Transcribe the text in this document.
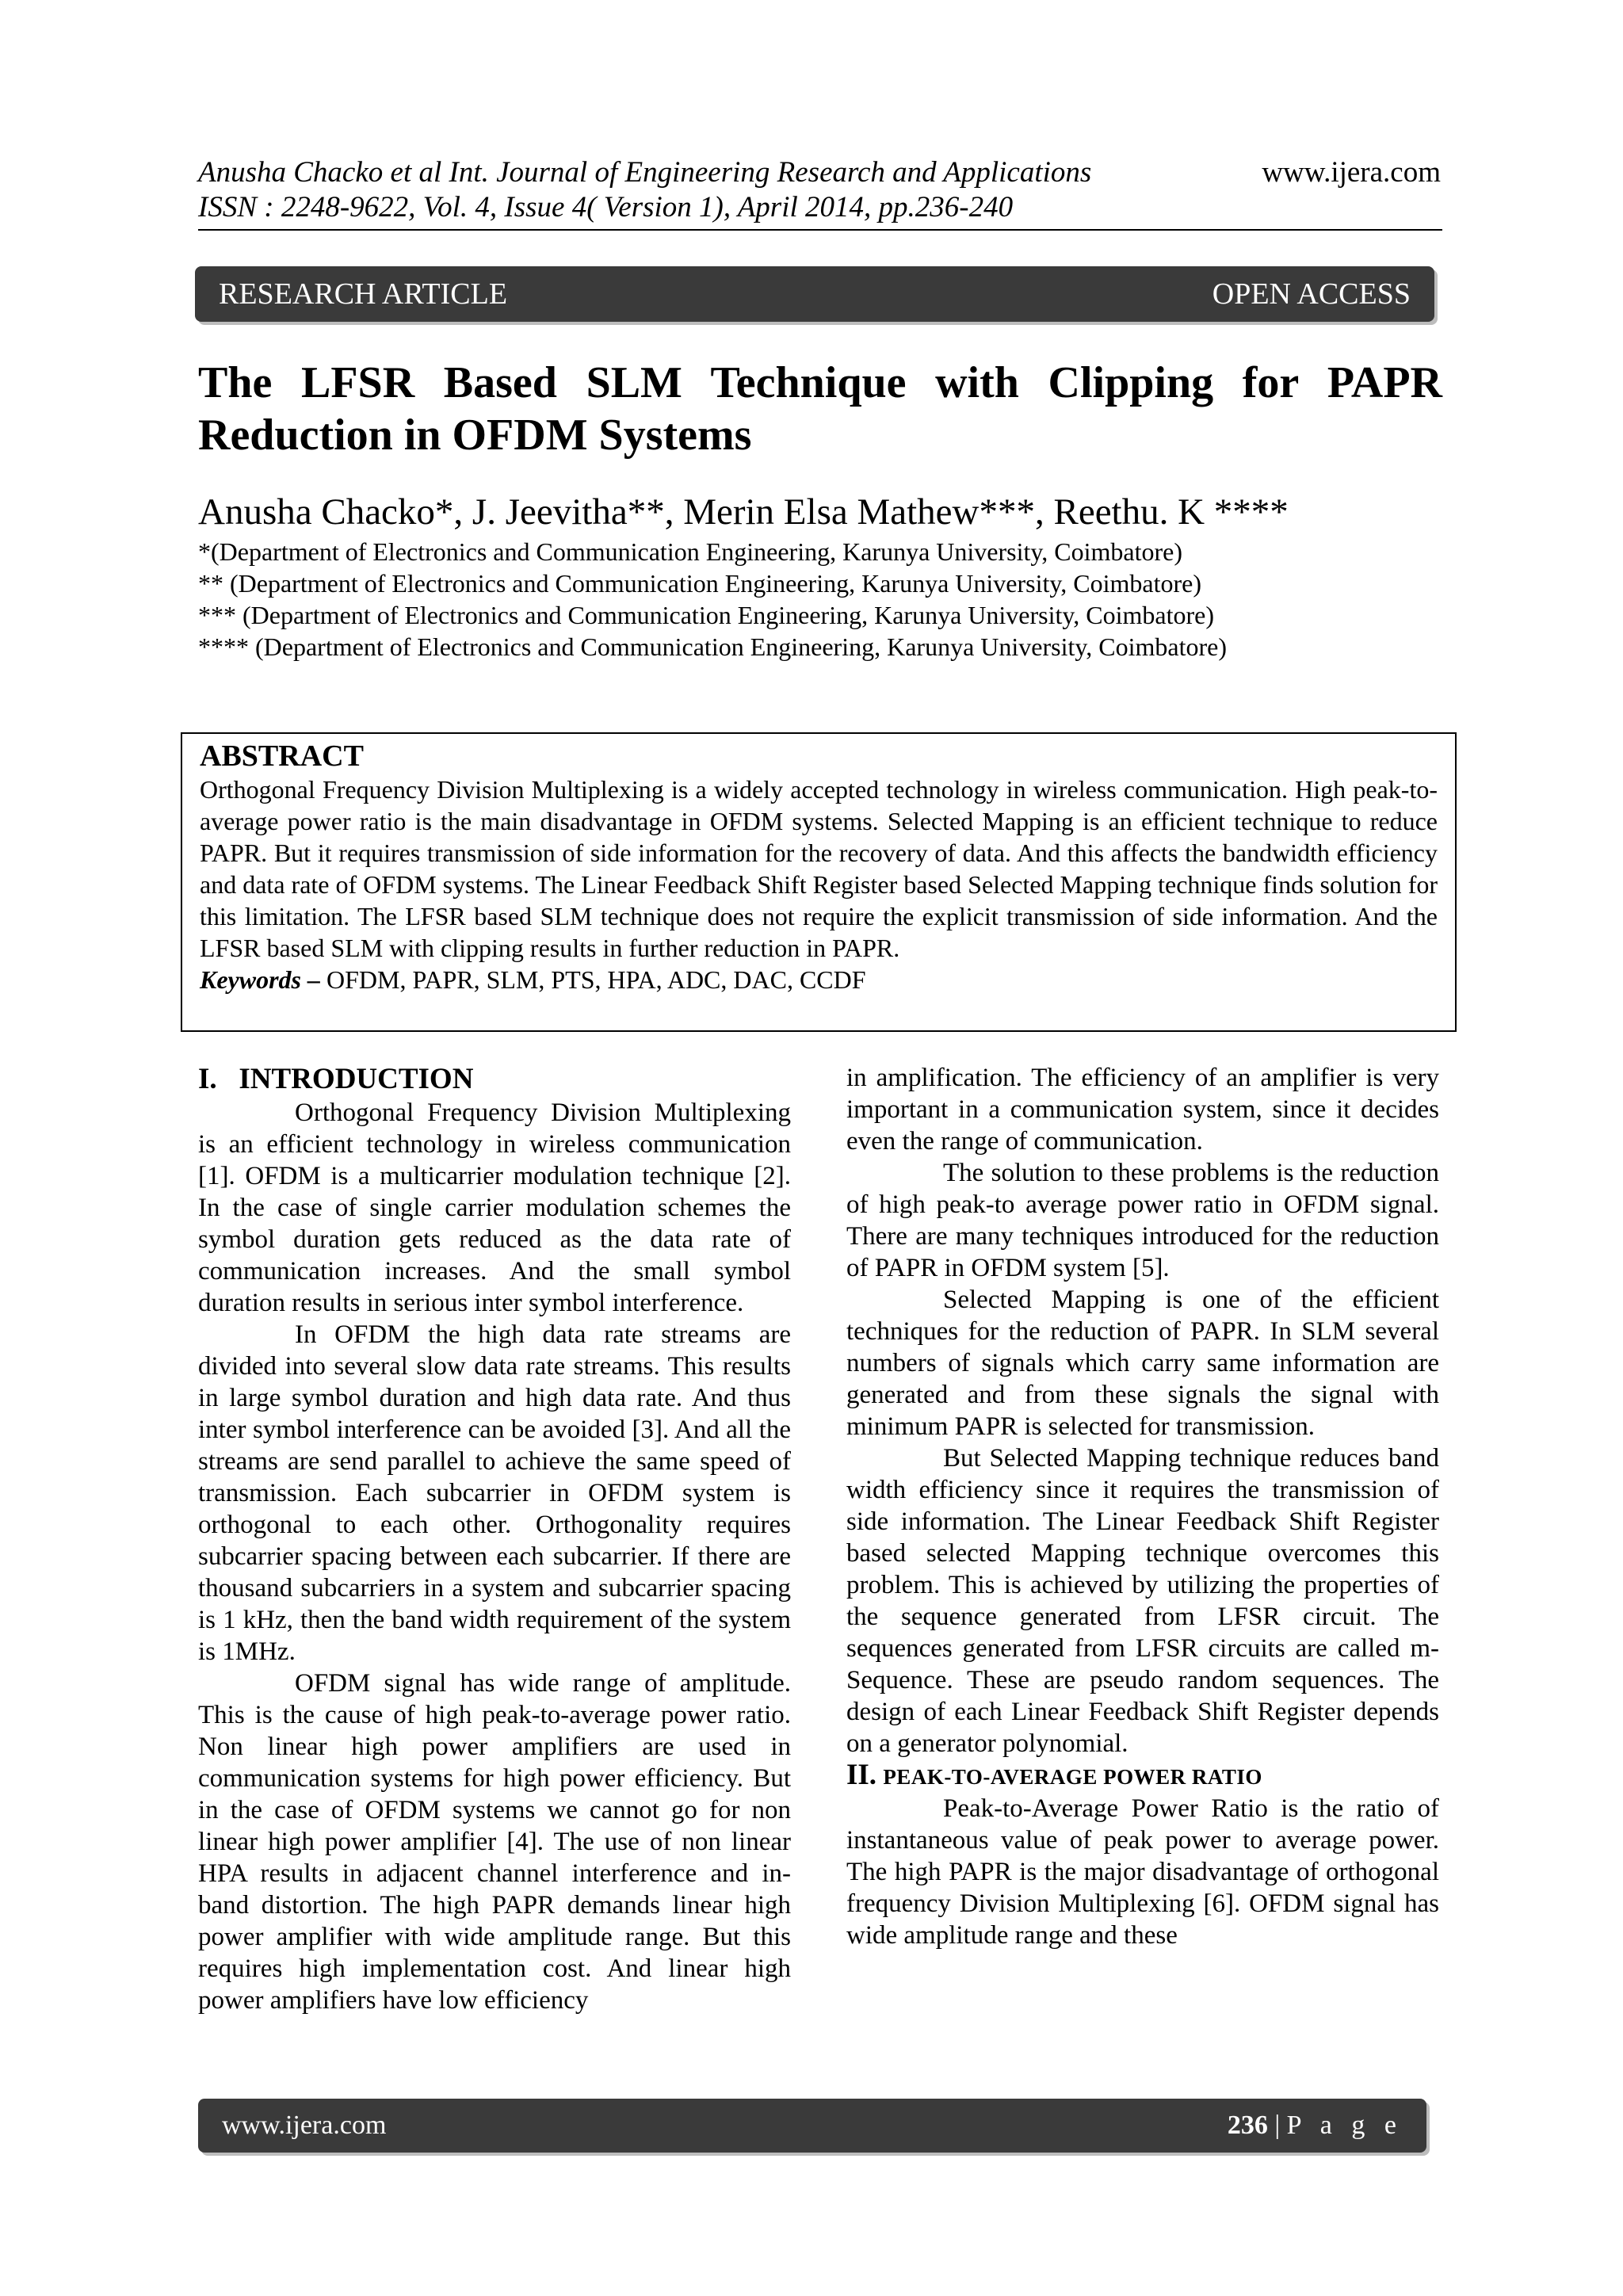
Anusha Chacko et al Int. Journal of Engineering Research and Applications
ISSN : 2248-9622, Vol. 4, Issue 4( Version 1), April 2014, pp.236-240
www.ijera.com
RESEARCH ARTICLE	OPEN ACCESS
The LFSR Based SLM Technique with Clipping for PAPR Reduction in OFDM Systems
Anusha Chacko*, J. Jeevitha**, Merin Elsa Mathew***, Reethu. K ****
*(Department of Electronics and Communication Engineering, Karunya University, Coimbatore)
** (Department of Electronics and Communication Engineering, Karunya University, Coimbatore)
*** (Department of Electronics and Communication Engineering, Karunya University, Coimbatore)
**** (Department of Electronics and Communication Engineering, Karunya University, Coimbatore)
ABSTRACT
Orthogonal Frequency Division Multiplexing is a widely accepted technology in wireless communication. High peak-to-average power ratio is the main disadvantage in OFDM systems. Selected Mapping is an efficient technique to reduce PAPR. But it requires transmission of side information for the recovery of data. And this affects the bandwidth efficiency and data rate of OFDM systems. The Linear Feedback Shift Register based Selected Mapping technique finds solution for this limitation. The LFSR based SLM technique does not require the explicit transmission of side information. And the LFSR based SLM with clipping results in further reduction in PAPR.
Keywords – OFDM, PAPR, SLM, PTS, HPA, ADC, DAC, CCDF

I.   INTRODUCTION

Orthogonal Frequency Division Multiplexing is an efficient technology in wireless communication [1]. OFDM is a multicarrier modulation technique [2]. In the case of single carrier modulation schemes the symbol duration gets reduced as the data rate of communication increases. And the small symbol duration results in serious inter symbol interference.

In OFDM the high data rate streams are divided into several slow data rate streams. This results in large symbol duration and high data rate. And thus inter symbol interference can be avoided [3]. And all the streams are send parallel to achieve the same speed of transmission. Each subcarrier in OFDM system is orthogonal to each other. Orthogonality requires subcarrier spacing between each subcarrier. If there are thousand subcarriers in a system and subcarrier spacing is 1 kHz, then the band width requirement of the system is 1MHz.

OFDM signal has wide range of amplitude. This is the cause of high peak-to-average power ratio. Non linear high power amplifiers are used in communication systems for high power efficiency. But in the case of OFDM systems we cannot go for non linear high power amplifier [4]. The use of non linear HPA results in adjacent channel interference and in-band distortion. The high PAPR demands linear high power amplifier with wide amplitude range. But this requires high implementation cost. And linear high power amplifiers have low efficiency

in amplification. The efficiency of an amplifier is very important in a communication system, since it decides even the range of communication.

The solution to these problems is the reduction of high peak-to average power ratio in OFDM signal. There are many techniques introduced for the reduction of PAPR in OFDM system [5].

Selected Mapping is one of the efficient techniques for the reduction of PAPR. In SLM several numbers of signals which carry same information are generated and from these signals the signal with minimum PAPR is selected for transmission.

But Selected Mapping technique reduces band width efficiency since it requires the transmission of side information. The Linear Feedback Shift Register based selected Mapping technique overcomes this problem. This is achieved by utilizing the properties of the sequence generated from LFSR circuit. The sequences generated from LFSR circuits are called m-Sequence. These are pseudo random sequences. The design of each Linear Feedback Shift Register depends on a generator polynomial.

II. PEAK-TO-AVERAGE POWER RATIO

Peak-to-Average Power Ratio is the ratio of instantaneous value of peak power to average power. The high PAPR is the major disadvantage of orthogonal frequency Division Multiplexing [6]. OFDM signal has wide amplitude range and these

www.ijera.com	236 | P a g e
